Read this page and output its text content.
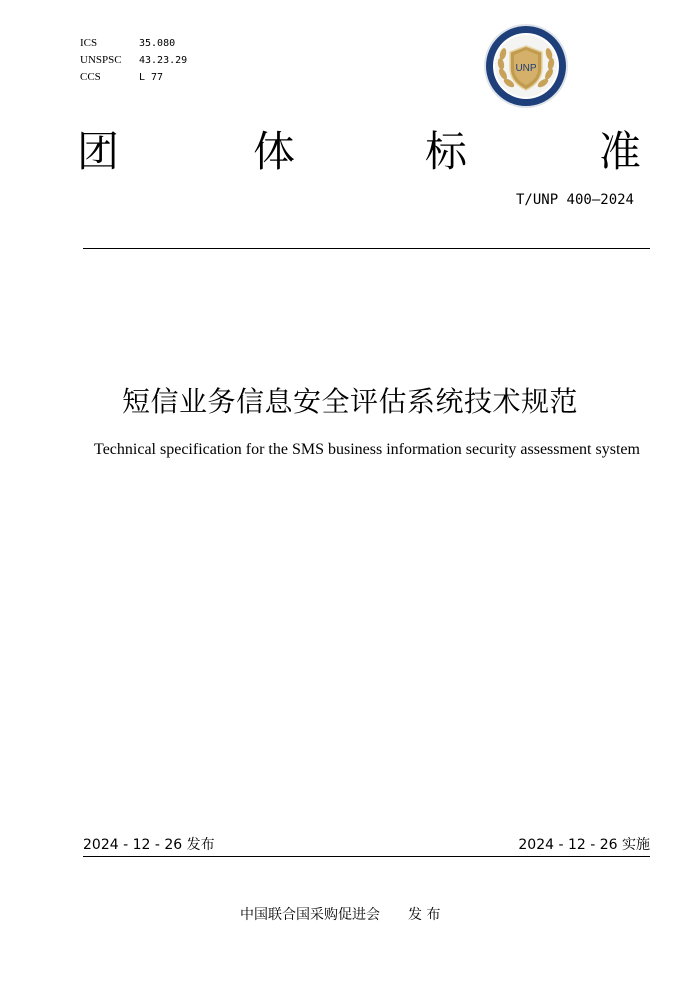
ICS	35.080
UNSPSC	43.23.29
CCS	L 77
UNP
团	体	标	准
T/UNP 400—2024
短信业务信息安全评估系统技术规范
Technical specification for the SMS business information security assessment system
2024 - 12 - 26 发布	2024 - 12 - 26 实施
中国联合国采购促进会　　发 布
